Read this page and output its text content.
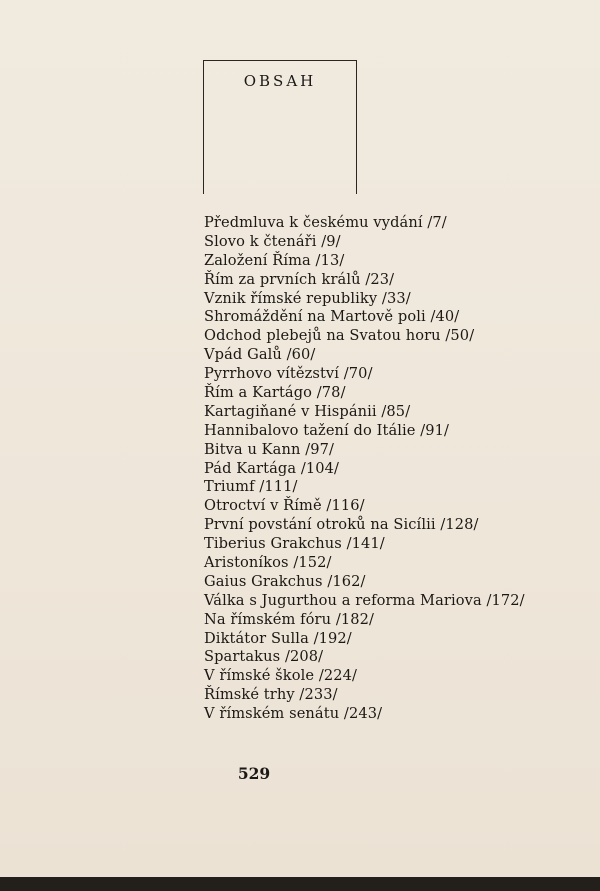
OBSAH
Předmluva k českému vydání /7/
Slovo k čtenáři /9/
Založení Říma /13/
Řím za prvních králů /23/
Vznik římské republiky /33/
Shromáždění na Martově poli /40/
Odchod plebejů na Svatou horu /50/
Vpád Galů /60/
Pyrrhovo vítězství /70/
Řím a Kartágo /78/
Kartagiňané v Hispánii /85/
Hannibalovo tažení do Itálie /91/
Bitva u Kann /97/
Pád Kartága /104/
Triumf /111/
Otroctví v Římě /116/
První povstání otroků na Sicílii /128/
Tiberius Grakchus /141/
Aristoníkos /152/
Gaius Grakchus /162/
Válka s Jugurthou a reforma Mariova /172/
Na římském fóru /182/
Diktátor Sulla /192/
Spartakus /208/
V římské škole /224/
Římské trhy /233/
V římském senátu /243/
529
